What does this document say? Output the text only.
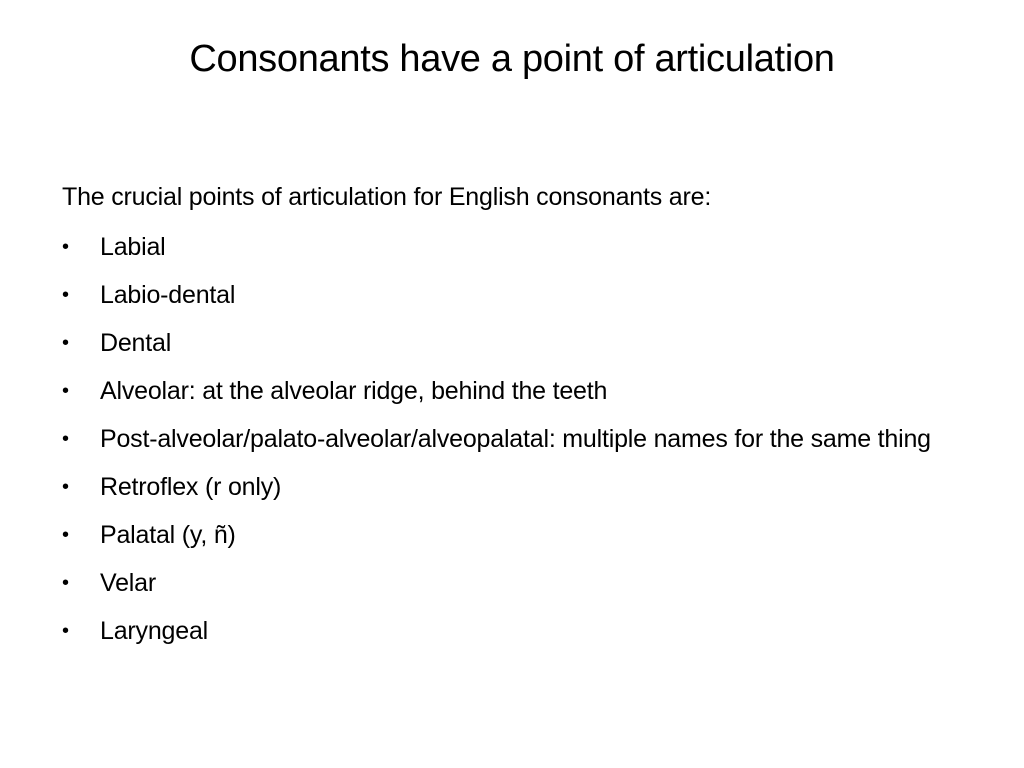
Consonants have a point of articulation
The crucial points of articulation for English consonants are:
•	Labial
•	Labio-dental
•	Dental
•	Alveolar: at the alveolar ridge, behind the teeth
•	Post-alveolar/palato-alveolar/alveopalatal: multiple names for the same thing
•	Retroflex (r only)
•	Palatal (y, ñ)
•	Velar
•	Laryngeal
